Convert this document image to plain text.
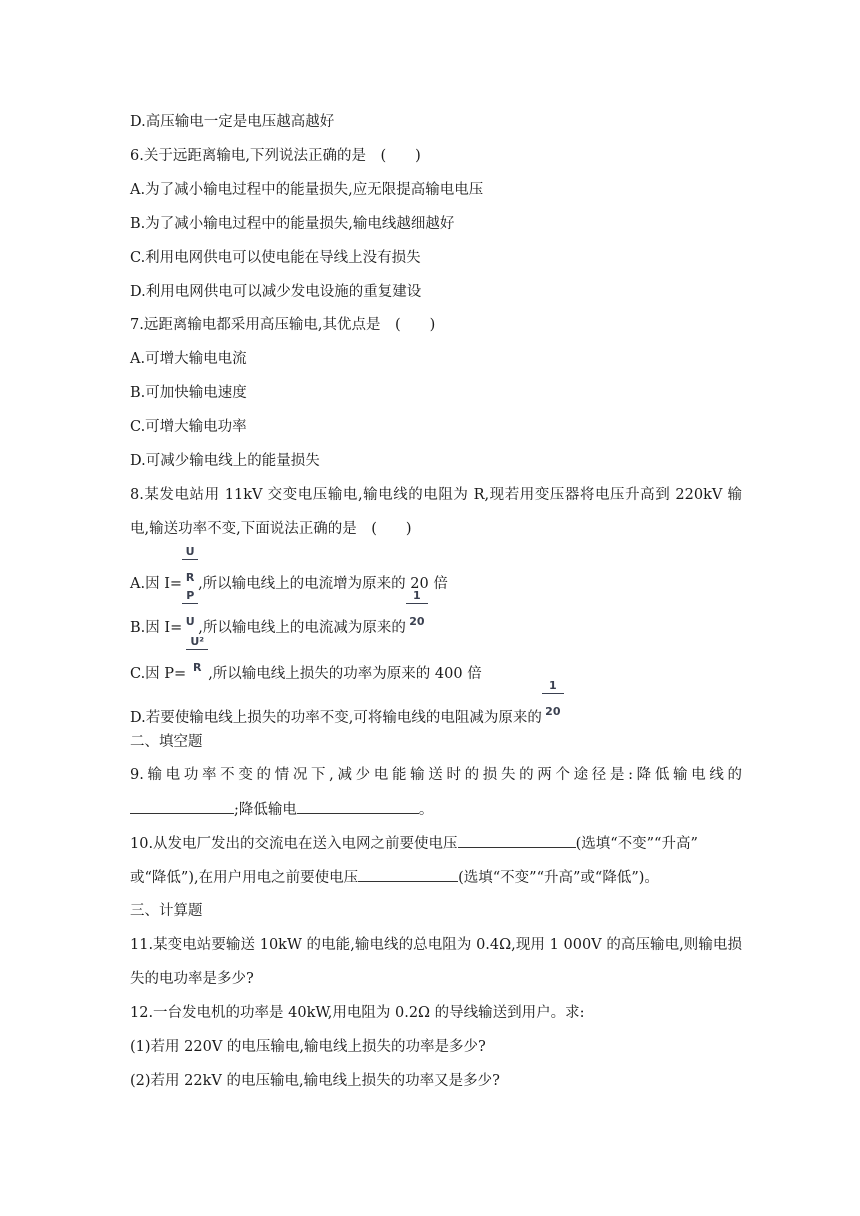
D.高压输电一定是电压越高越好
6.关于远距离输电,下列说法正确的是　(　　)
A.为了减小输电过程中的能量损失,应无限提高输电电压
B.为了减小输电过程中的能量损失,输电线越细越好
C.利用电网供电可以使电能在导线上没有损失
D.利用电网供电可以减少发电设施的重复建设
7.远距离输电都采用高压输电,其优点是　(　　)
A.可增大输电电流
B.可加快输电速度
C.可增大输电功率
D.可减少输电线上的能量损失
8.某发电站用 11kV 交变电压输电,输电线的电阻为 R,现若用变压器将电压升高到 220kV 输
电,输送功率不变,下面说法正确的是　(　　)
A.因 $I= \frac{U}{R}$ ,所以输电线上的电流增为原来的 20 倍
B.因 $I= \frac{P}{U}$ ,所以输电线上的电流减为原来的 $\frac{1}{20}$
C.因 $P= \frac{\text{U²}}{R}$ ,所以输电线上损失的功率为原来的 400 倍
D.若要使输电线上损失的功率不变,可将输电线的电阻减为原来的 $\frac{1}{20}$
二、填空题
9.输电功率不变的情况下,减少电能输送时的损失的两个途径是:降低输电线的
;降低输电	。
10.从发电厂发出的交流电在送入电网之前要使电压	(选填“不变”“升高”
或“降低”),在用户用电之前要使电压	(选填“不变”“升高”或“降低”)。
三、计算题
11.某变电站要输送 10kW 的电能,输电线的总电阻为 0.4Ω,现用 1 000V 的高压输电,则输电损
失的电功率是多少?
12.一台发电机的功率是 40kW,用电阻为 0.2Ω 的导线输送到用户。求:
(1)若用 220V 的电压输电,输电线上损失的功率是多少?
(2)若用 22kV 的电压输电,输电线上损失的功率又是多少?
